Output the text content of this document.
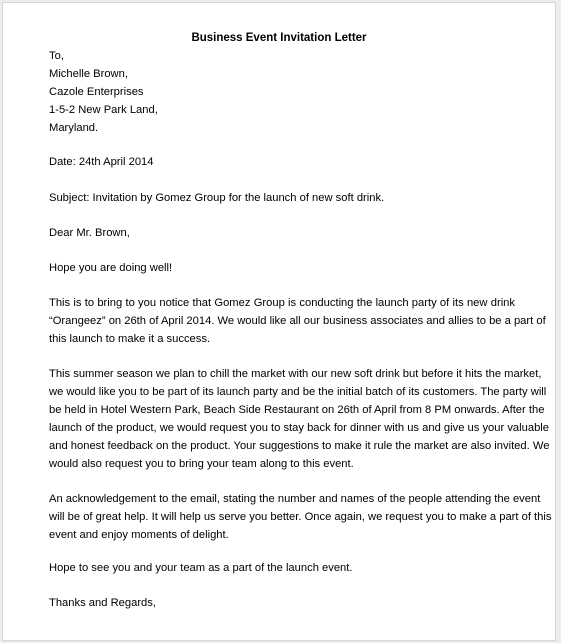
Business Event Invitation Letter
To,
Michelle Brown,
Cazole Enterprises
1-5-2 New Park Land,
Maryland.
Date: 24th April 2014
Subject: Invitation by Gomez Group for the launch of new soft drink.
Dear Mr. Brown,
Hope you are doing well!
This is to bring to you notice that Gomez Group is conducting the launch party of its new drink
“Orangeez” on 26th of April 2014. We would like all our business associates and allies to be a part of
this launch to make it a success.
This summer season we plan to chill the market with our new soft drink but before it hits the market,
we would like you to be part of its launch party and be the initial batch of its customers. The party will
be held in Hotel Western Park, Beach Side Restaurant on 26th of April from 8 PM onwards. After the
launch of the product, we would request you to stay back for dinner with us and give us your valuable
and honest feedback on the product. Your suggestions to make it rule the market are also invited. We
would also request you to bring your team along to this event.
An acknowledgement to the email, stating the number and names of the people attending the event
will be of great help. It will help us serve you better. Once again, we request you to make a part of this
event and enjoy moments of delight.
Hope to see you and your team as a part of the launch event.
Thanks and Regards,
